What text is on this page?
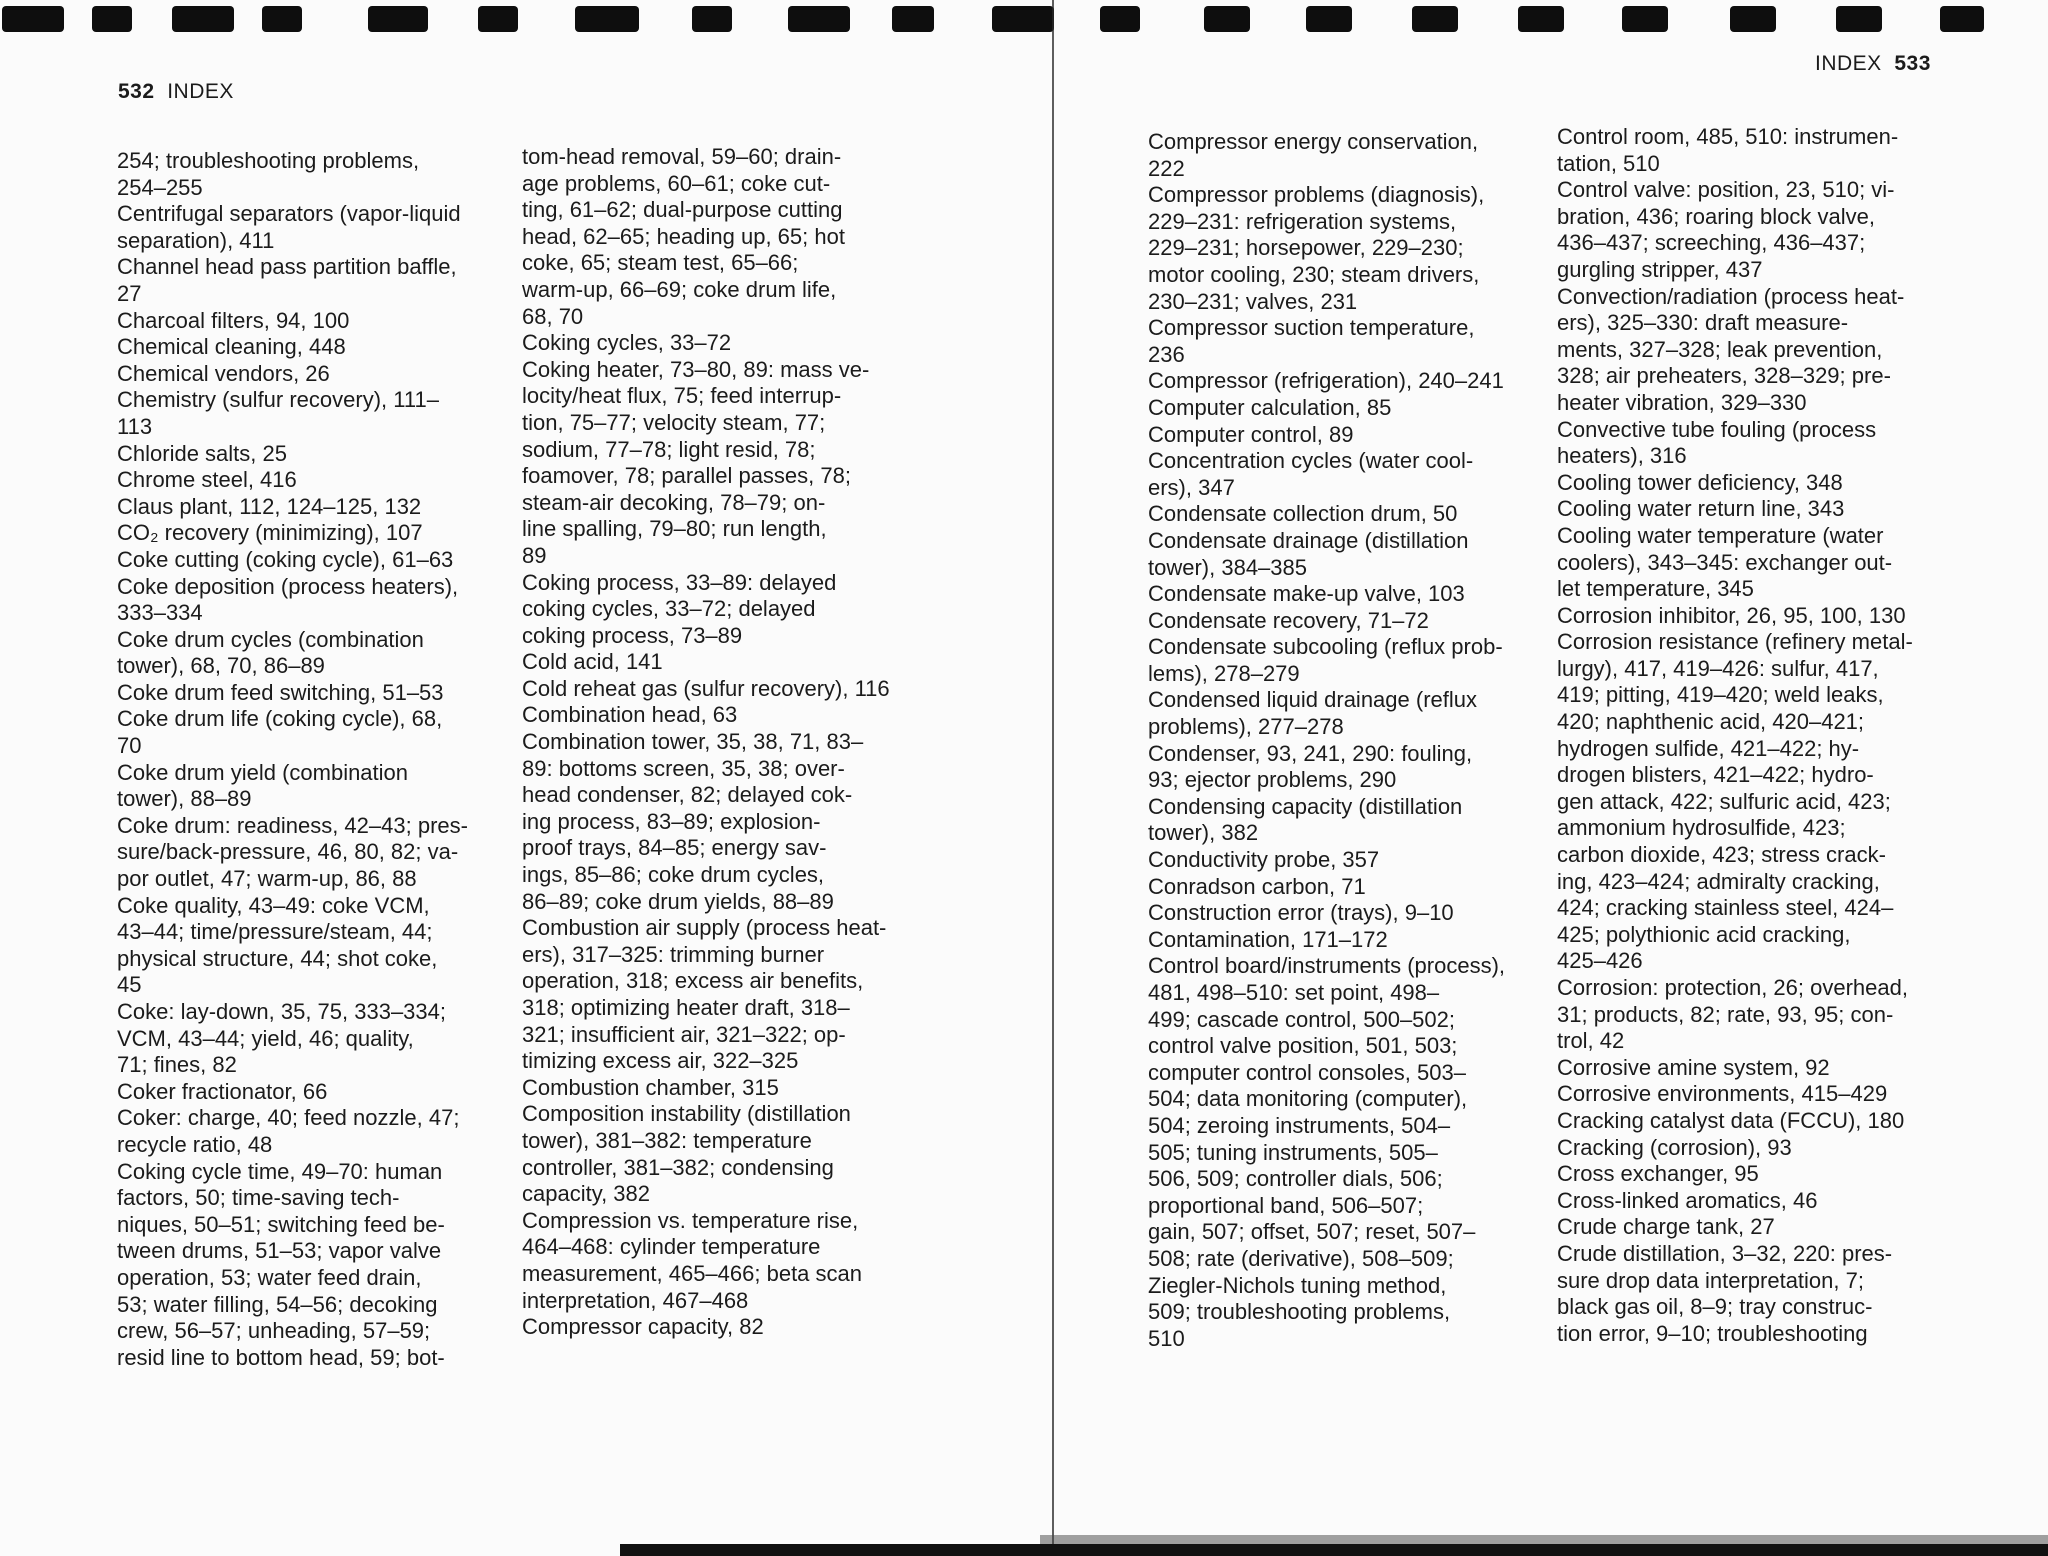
532 INDEX
INDEX 533
254; troubleshooting problems,
254–255
Centrifugal separators (vapor-liquid
separation), 411
Channel head pass partition baffle,
27
Charcoal filters, 94, 100
Chemical cleaning, 448
Chemical vendors, 26
Chemistry (sulfur recovery), 111–
113
Chloride salts, 25
Chrome steel, 416
Claus plant, 112, 124–125, 132
CO₂ recovery (minimizing), 107
Coke cutting (coking cycle), 61–63
Coke deposition (process heaters),
333–334
Coke drum cycles (combination
tower), 68, 70, 86–89
Coke drum feed switching, 51–53
Coke drum life (coking cycle), 68,
70
Coke drum yield (combination
tower), 88–89
Coke drum: readiness, 42–43; pres-
sure/back-pressure, 46, 80, 82; va-
por outlet, 47; warm-up, 86, 88
Coke quality, 43–49: coke VCM,
43–44; time/pressure/steam, 44;
physical structure, 44; shot coke,
45
Coke: lay-down, 35, 75, 333–334;
VCM, 43–44; yield, 46; quality,
71; fines, 82
Coker fractionator, 66
Coker: charge, 40; feed nozzle, 47;
recycle ratio, 48
Coking cycle time, 49–70: human
factors, 50; time-saving tech-
niques, 50–51; switching feed be-
tween drums, 51–53; vapor valve
operation, 53; water feed drain,
53; water filling, 54–56; decoking
crew, 56–57; unheading, 57–59;
resid line to bottom head, 59; bot-
tom-head removal, 59–60; drain-
age problems, 60–61; coke cut-
ting, 61–62; dual-purpose cutting
head, 62–65; heading up, 65; hot
coke, 65; steam test, 65–66;
warm-up, 66–69; coke drum life,
68, 70
Coking cycles, 33–72
Coking heater, 73–80, 89: mass ve-
locity/heat flux, 75; feed interrup-
tion, 75–77; velocity steam, 77;
sodium, 77–78; light resid, 78;
foamover, 78; parallel passes, 78;
steam-air decoking, 78–79; on-
line spalling, 79–80; run length,
89
Coking process, 33–89: delayed
coking cycles, 33–72; delayed
coking process, 73–89
Cold acid, 141
Cold reheat gas (sulfur recovery), 116
Combination head, 63
Combination tower, 35, 38, 71, 83–
89: bottoms screen, 35, 38; over-
head condenser, 82; delayed cok-
ing process, 83–89; explosion-
proof trays, 84–85; energy sav-
ings, 85–86; coke drum cycles,
86–89; coke drum yields, 88–89
Combustion air supply (process heat-
ers), 317–325: trimming burner
operation, 318; excess air benefits,
318; optimizing heater draft, 318–
321; insufficient air, 321–322; op-
timizing excess air, 322–325
Combustion chamber, 315
Composition instability (distillation
tower), 381–382: temperature
controller, 381–382; condensing
capacity, 382
Compression vs. temperature rise,
464–468: cylinder temperature
measurement, 465–466; beta scan
interpretation, 467–468
Compressor capacity, 82
Compressor energy conservation,
222
Compressor problems (diagnosis),
229–231: refrigeration systems,
229–231; horsepower, 229–230;
motor cooling, 230; steam drivers,
230–231; valves, 231
Compressor suction temperature,
236
Compressor (refrigeration), 240–241
Computer calculation, 85
Computer control, 89
Concentration cycles (water cool-
ers), 347
Condensate collection drum, 50
Condensate drainage (distillation
tower), 384–385
Condensate make-up valve, 103
Condensate recovery, 71–72
Condensate subcooling (reflux prob-
lems), 278–279
Condensed liquid drainage (reflux
problems), 277–278
Condenser, 93, 241, 290: fouling,
93; ejector problems, 290
Condensing capacity (distillation
tower), 382
Conductivity probe, 357
Conradson carbon, 71
Construction error (trays), 9–10
Contamination, 171–172
Control board/instruments (process),
481, 498–510: set point, 498–
499; cascade control, 500–502;
control valve position, 501, 503;
computer control consoles, 503–
504; data monitoring (computer),
504; zeroing instruments, 504–
505; tuning instruments, 505–
506, 509; controller dials, 506;
proportional band, 506–507;
gain, 507; offset, 507; reset, 507–
508; rate (derivative), 508–509;
Ziegler-Nichols tuning method,
509; troubleshooting problems,
510
Control room, 485, 510: instrumen-
tation, 510
Control valve: position, 23, 510; vi-
bration, 436; roaring block valve,
436–437; screeching, 436–437;
gurgling stripper, 437
Convection/radiation (process heat-
ers), 325–330: draft measure-
ments, 327–328; leak prevention,
328; air preheaters, 328–329; pre-
heater vibration, 329–330
Convective tube fouling (process
heaters), 316
Cooling tower deficiency, 348
Cooling water return line, 343
Cooling water temperature (water
coolers), 343–345: exchanger out-
let temperature, 345
Corrosion inhibitor, 26, 95, 100, 130
Corrosion resistance (refinery metal-
lurgy), 417, 419–426: sulfur, 417,
419; pitting, 419–420; weld leaks,
420; naphthenic acid, 420–421;
hydrogen sulfide, 421–422; hy-
drogen blisters, 421–422; hydro-
gen attack, 422; sulfuric acid, 423;
ammonium hydrosulfide, 423;
carbon dioxide, 423; stress crack-
ing, 423–424; admiralty cracking,
424; cracking stainless steel, 424–
425; polythionic acid cracking,
425–426
Corrosion: protection, 26; overhead,
31; products, 82; rate, 93, 95; con-
trol, 42
Corrosive amine system, 92
Corrosive environments, 415–429
Cracking catalyst data (FCCU), 180
Cracking (corrosion), 93
Cross exchanger, 95
Cross-linked aromatics, 46
Crude charge tank, 27
Crude distillation, 3–32, 220: pres-
sure drop data interpretation, 7;
black gas oil, 8–9; tray construc-
tion error, 9–10; troubleshooting
